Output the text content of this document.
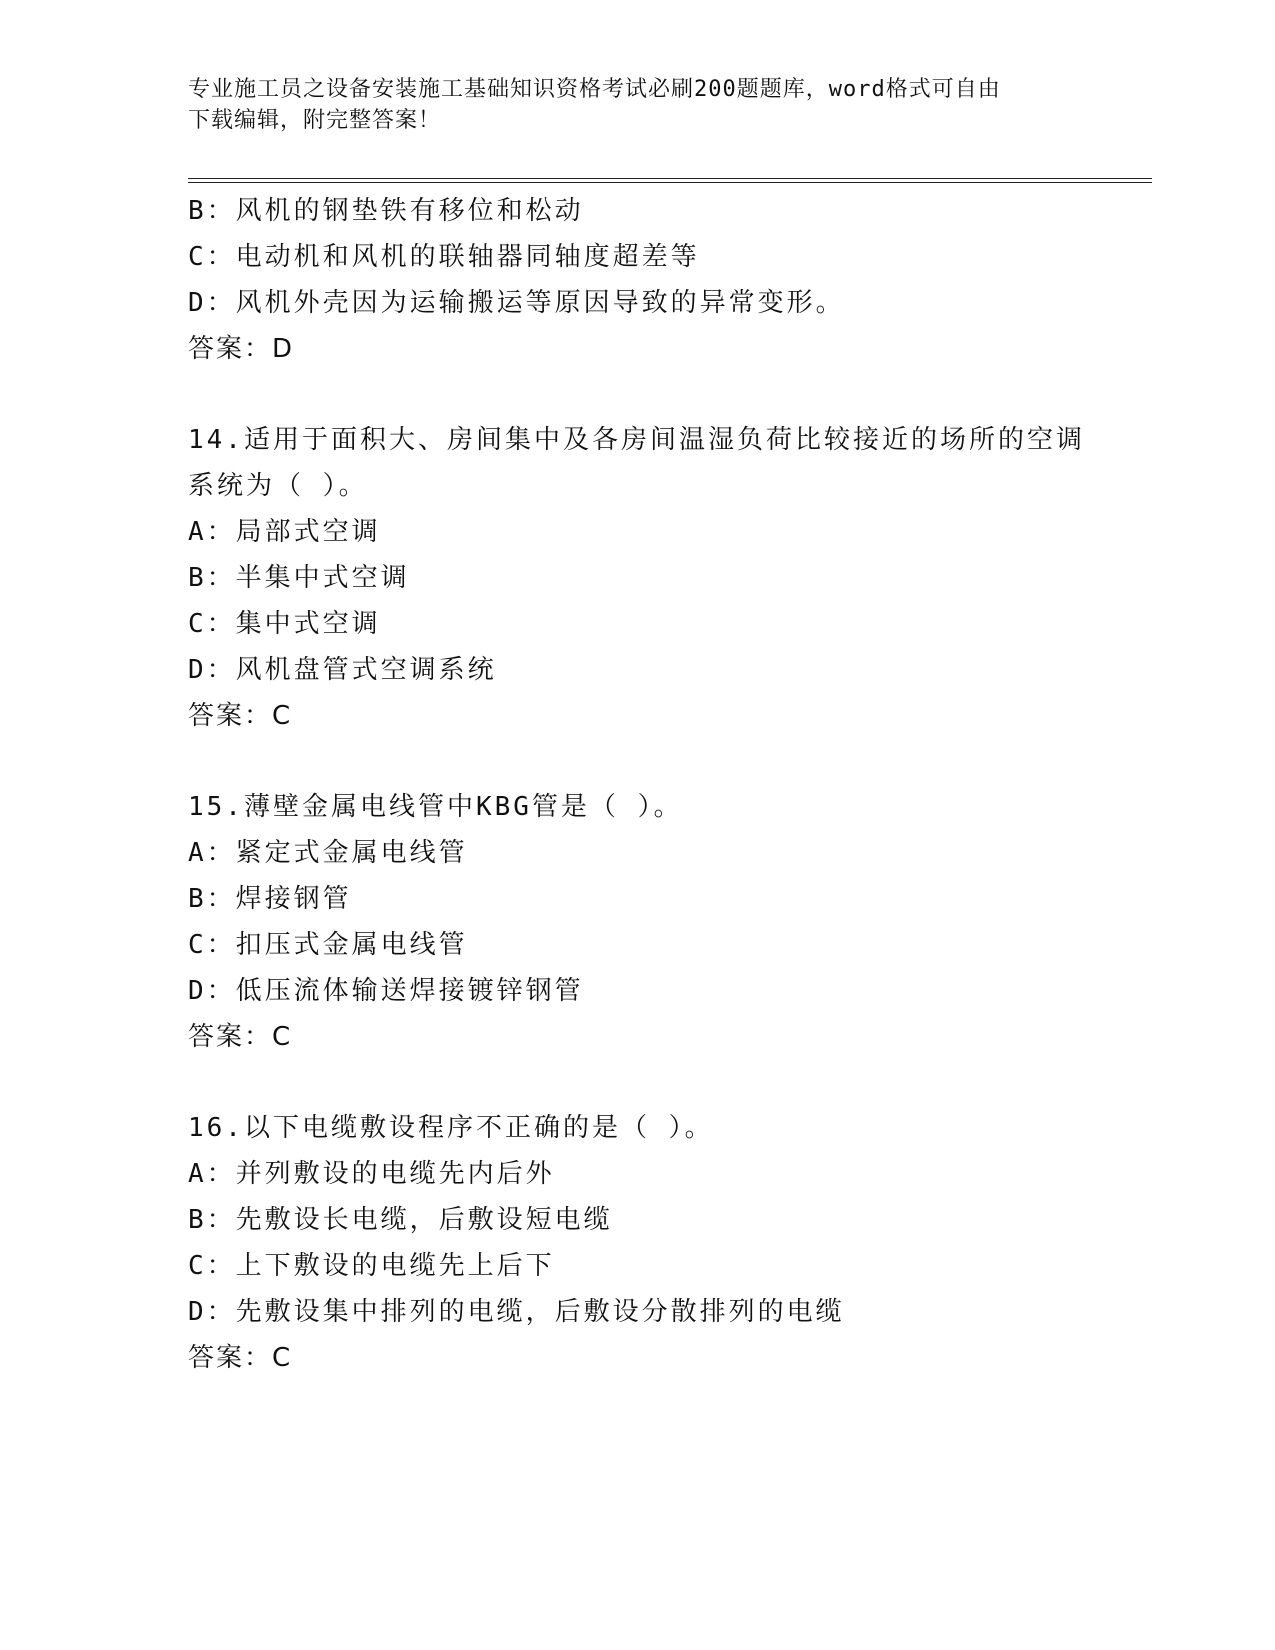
专业施工员之设备安装施工基础知识资格考试必刷200题题库，word格式可自由
下载编辑，附完整答案！
B：风机的钢垫铁有移位和松动
C：电动机和风机的联轴器同轴度超差等
D：风机外壳因为运输搬运等原因导致的异常变形。
答案：D
14.适用于面积大、房间集中及各房间温湿负荷比较接近的场所的空调
系统为（ ）。
A：局部式空调
B：半集中式空调
C：集中式空调
D：风机盘管式空调系统
答案：C
15.薄壁金属电线管中KBG管是（ ）。
A：紧定式金属电线管
B：焊接钢管
C：扣压式金属电线管
D：低压流体输送焊接镀锌钢管
答案：C
16.以下电缆敷设程序不正确的是（ ）。
A：并列敷设的电缆先内后外
B：先敷设长电缆，后敷设短电缆
C：上下敷设的电缆先上后下
D：先敷设集中排列的电缆，后敷设分散排列的电缆
答案：C
